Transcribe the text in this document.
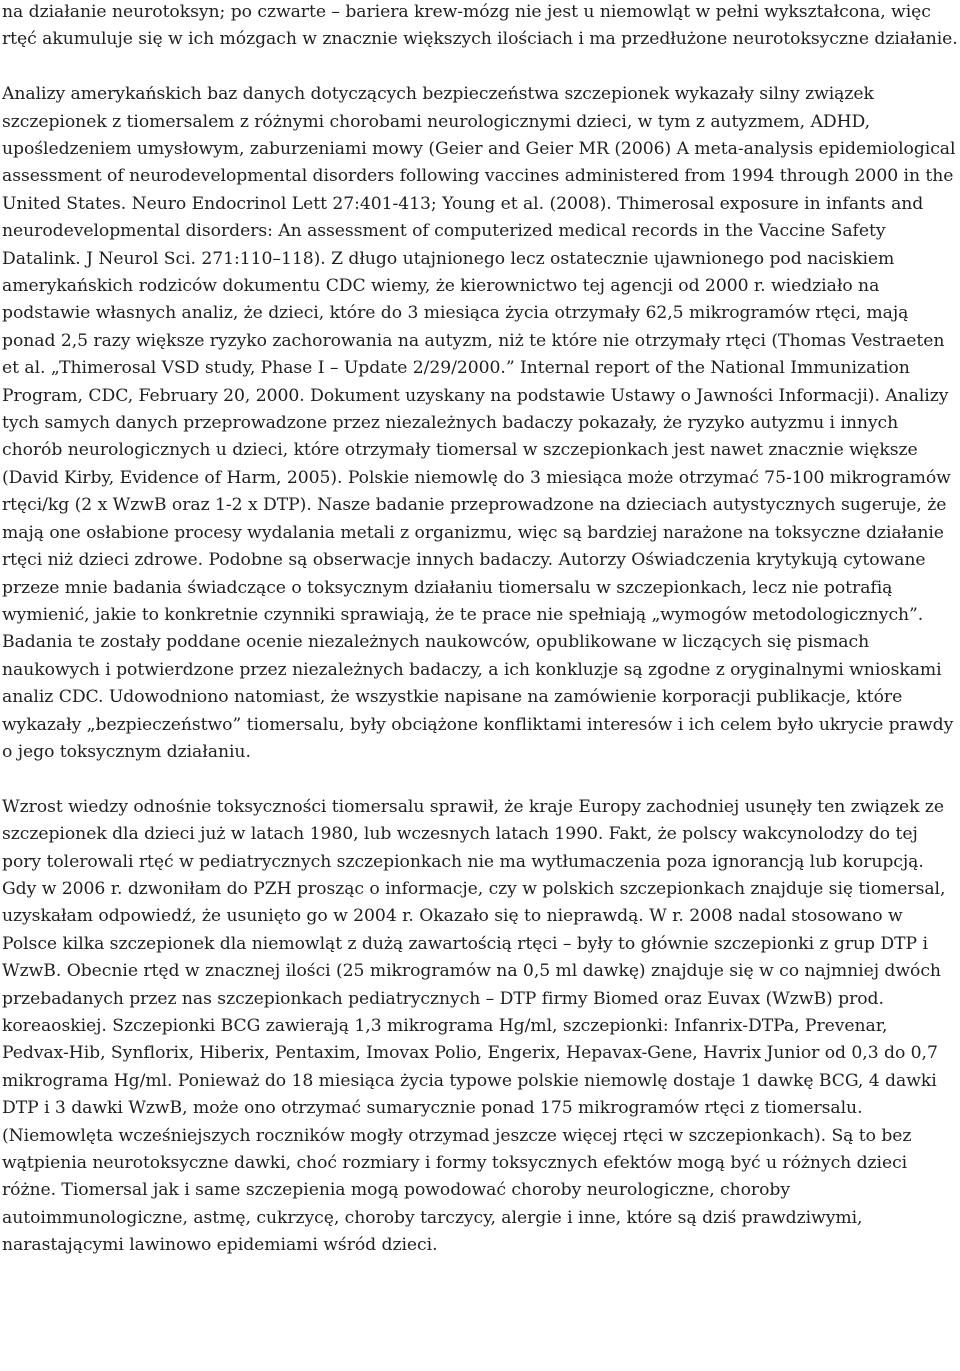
na działanie neurotoksyn; po czwarte – bariera krew-mózg nie jest u niemowląt w pełni wykształcona, więc rtęć akumuluje się w ich mózgach w znacznie większych ilościach i ma przedłużone neurotoksyczne działanie.

Analizy amerykańskich baz danych dotyczących bezpieczeństwa szczepionek wykazały silny związek szczepionek z tiomersalem z różnymi chorobami neurologicznymi dzieci, w tym z autyzmem, ADHD, upośledzeniem umysłowym, zaburzeniami mowy (Geier and Geier MR (2006) A meta-analysis epidemiological assessment of neurodevelopmental disorders following vaccines administered from 1994 through 2000 in the United States. Neuro Endocrinol Lett 27:401-413; Young et al. (2008). Thimerosal exposure in infants and neurodevelopmental disorders: An assessment of computerized medical records in the Vaccine Safety Datalink. J Neurol Sci. 271:110–118). Z długo utajnionego lecz ostatecznie ujawnionego pod naciskiem amerykańskich rodziców dokumentu CDC wiemy, że kierownictwo tej agencji od 2000 r. wiedziało na podstawie własnych analiz, że dzieci, które do 3 miesiąca życia otrzymały 62,5 mikrogramów rtęci, mają ponad 2,5 razy większe ryzyko zachorowania na autyzm, niż te które nie otrzymały rtęci (Thomas Vestraeten et al. „Thimerosal VSD study, Phase I – Update 2/29/2000.” Internal report of the National Immunization Program, CDC, February 20, 2000. Dokument uzyskany na podstawie Ustawy o Jawności Informacji). Analizy tych samych danych przeprowadzone przez niezależnych badaczy pokazały, że ryzyko autyzmu i innych chorób neurologicznych u dzieci, które otrzymały tiomersal w szczepionkach jest nawet znacznie większe (David Kirby, Evidence of Harm, 2005). Polskie niemowlę do 3 miesiąca może otrzymać 75-100 mikrogramów rtęci/kg (2 x WzwB oraz 1-2 x DTP). Nasze badanie przeprowadzone na dzieciach autystycznych sugeruje, że mają one osłabione procesy wydalania metali z organizmu, więc są bardziej narażone na toksyczne działanie rtęci niż dzieci zdrowe. Podobne są obserwacje innych badaczy. Autorzy Oświadczenia krytykują cytowane przeze mnie badania świadczące o toksycznym działaniu tiomersalu w szczepionkach, lecz nie potrafią wymienić, jakie to konkretnie czynniki sprawiają, że te prace nie spełniają „wymogów metodologicznych”. Badania te zostały poddane ocenie niezależnych naukowców, opublikowane w liczących się pismach naukowych i potwierdzone przez niezależnych badaczy, a ich konkluzje są zgodne z oryginalnymi wnioskami analiz CDC. Udowodniono natomiast, że wszystkie napisane na zamówienie korporacji publikacje, które wykazały „bezpieczeństwo” tiomersalu, były obciążone konfliktami interesów i ich celem było ukrycie prawdy o jego toksycznym działaniu.

Wzrost wiedzy odnośnie toksyczności tiomersalu sprawił, że kraje Europy zachodniej usunęły ten związek ze szczepionek dla dzieci już w latach 1980, lub wczesnych latach 1990. Fakt, że polscy wakcynolodzy do tej pory tolerowali rtęć w pediatrycznych szczepionkach nie ma wytłumaczenia poza ignorancją lub korupcją. Gdy w 2006 r. dzwoniłam do PZH prosząc o informacje, czy w polskich szczepionkach znajduje się tiomersal, uzyskałam odpowiedź, że usunięto go w 2004 r. Okazało się to nieprawdą. W r. 2008 nadal stosowano w Polsce kilka szczepionek dla niemowląt z dużą zawartością rtęci – były to głównie szczepionki z grup DTP i WzwB. Obecnie rtęd w znacznej ilości (25 mikrogramów na 0,5 ml dawkę) znajduje się w co najmniej dwóch przebadanych przez nas szczepionkach pediatrycznych – DTP firmy Biomed oraz Euvax (WzwB) prod. koreaoskiej. Szczepionki BCG zawierają 1,3 mikrograma Hg/ml, szczepionki: Infanrix-DTPa, Prevenar, Pedvax-Hib, Synflorix, Hiberix, Pentaxim, Imovax Polio, Engerix, Hepavax-Gene, Havrix Junior od 0,3 do 0,7 mikrograma Hg/ml. Ponieważ do 18 miesiąca życia typowe polskie niemowlę dostaje 1 dawkę BCG, 4 dawki DTP i 3 dawki WzwB, może ono otrzymać sumarycznie ponad 175 mikrogramów rtęci z tiomersalu. (Niemowlęta wcześniejszych roczników mogły otrzymad jeszcze więcej rtęci w szczepionkach). Są to bez wątpienia neurotoksyczne dawki, choć rozmiary i formy toksycznych efektów mogą być u różnych dzieci różne. Tiomersal jak i same szczepienia mogą powodować choroby neurologiczne, choroby autoimmunologiczne, astmę, cukrzycę, choroby tarczycy, alergie i inne, które są dziś prawdziwymi, narastającymi lawinowo epidemiami wśród dzieci.
